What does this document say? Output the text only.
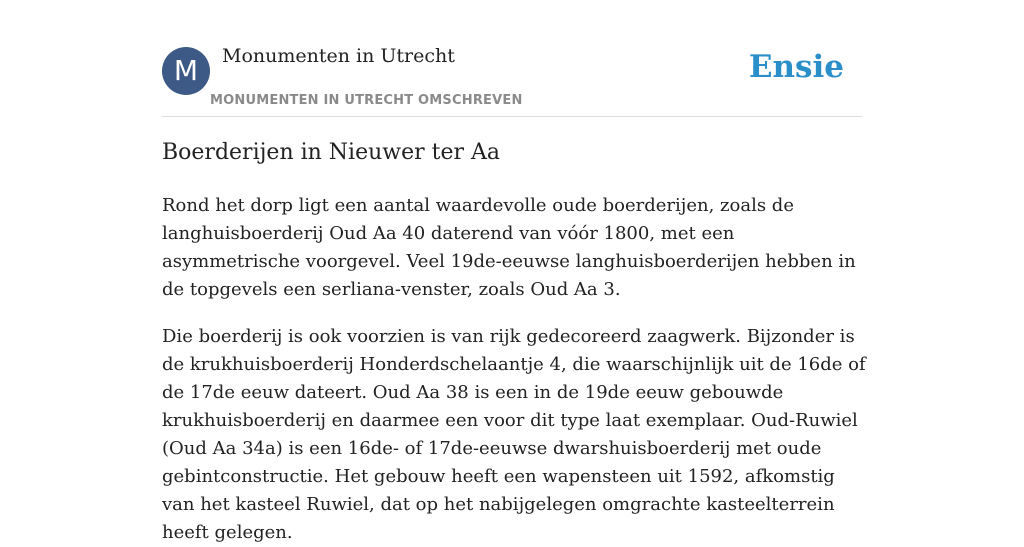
M	Monumenten in Utrecht
MONUMENTEN IN UTRECHT OMSCHREVEN
Ensie
Boerderijen in Nieuwer ter Aa

Rond het dorp ligt een aantal waardevolle oude boerderijen, zoals de langhuisboerderij Oud Aa 40 daterend van vóór 1800, met een asymmetrische voorgevel. Veel 19de-eeuwse langhuisboerderijen hebben in de topgevels een serliana-venster, zoals Oud Aa 3.

Die boerderij is ook voorzien is van rijk gedecoreerd zaagwerk. Bijzonder is de krukhuisboerderij Honderdschelaantje 4, die waarschijnlijk uit de 16de of de 17de eeuw dateert. Oud Aa 38 is een in de 19de eeuw gebouwde krukhuisboerderij en daarmee een voor dit type laat exemplaar. Oud-Ruwiel (Oud Aa 34a) is een 16de- of 17de-eeuwse dwarshuisboerderij met oude gebintconstructie. Het gebouw heeft een wapensteen uit 1592, afkomstig van het kasteel Ruwiel, dat op het nabijgelegen omgrachte kasteelterrein heeft gelegen.
